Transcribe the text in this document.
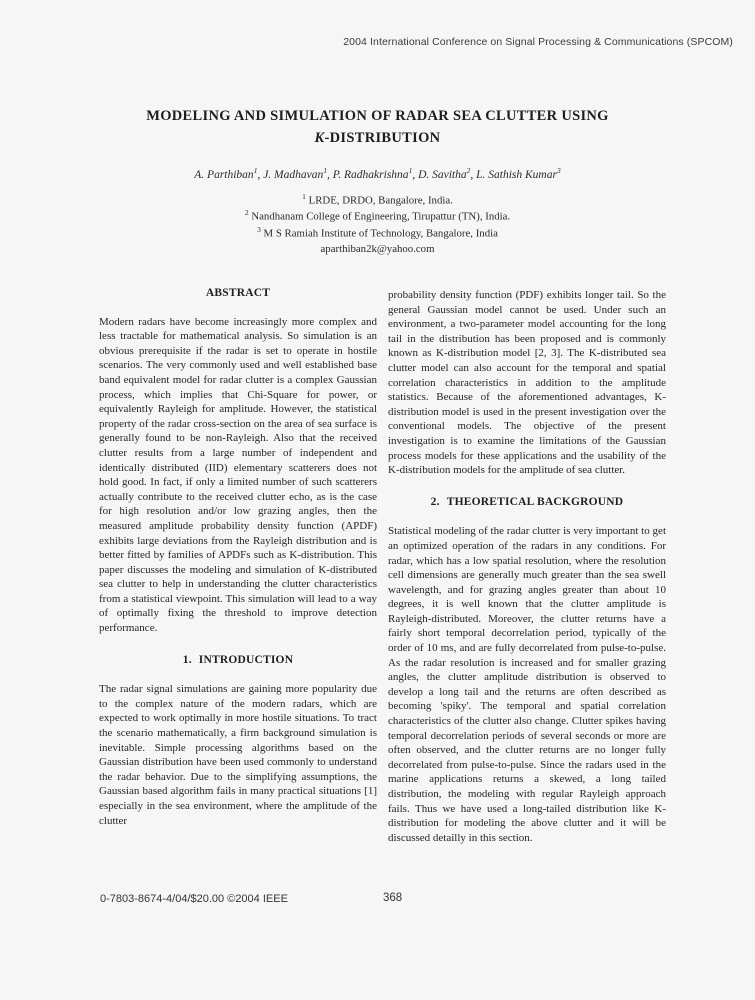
2004 International Conference on Signal Processing & Communications (SPCOM)
MODELING AND SIMULATION OF RADAR SEA CLUTTER USING
K-DISTRIBUTION
A. Parthiban$^1$, J. Madhavan$^1$, P. Radhakrishna$^1$, D. Savitha$^2$, L. Sathish Kumar$^3$
$^1$ LRDE, DRDO, Bangalore, India.
$^2$ Nandhanam College of Engineering, Tirupattur (TN), India.
$^3$ M S Ramiah Institute of Technology, Bangalore, India
aparthiban2k@yahoo.com
ABSTRACT

Modern radars have become increasingly more complex and less tractable for mathematical analysis. So simulation is an obvious prerequisite if the radar is set to operate in hostile scenarios. The very commonly used and well established base band equivalent model for radar clutter is a complex Gaussian process, which implies that Chi-Square for power, or equivalently Rayleigh for amplitude. However, the statistical property of the radar cross-section on the area of sea surface is generally found to be non-Rayleigh. Also that the received clutter results from a large number of independent and identically distributed (IID) elementary scatterers does not hold good. In fact, if only a limited number of such scatterers actually contribute to the received clutter echo, as is the case for high resolution and/or low grazing angles, then the measured amplitude probability density function (APDF) exhibits large deviations from the Rayleigh distribution and is better fitted by families of APDFs such as K-distribution. This paper discusses the modeling and simulation of K-distributed sea clutter to help in understanding the clutter characteristics from a statistical viewpoint. This simulation will lead to a way of optimally fixing the threshold to improve detection performance.

1. INTRODUCTION

The radar signal simulations are gaining more popularity due to the complex nature of the modern radars, which are expected to work optimally in more hostile situations. To tract the scenario mathematically, a firm background simulation is inevitable. Simple processing algorithms based on the Gaussian distribution have been used commonly to understand the radar behavior. Due to the simplifying assumptions, the Gaussian based algorithm fails in many practical situations [1] especially in the sea environment, where the amplitude of the clutter

probability density function (PDF) exhibits longer tail. So the general Gaussian model cannot be used. Under such an environment, a two-parameter model accounting for the long tail in the distribution has been proposed and is commonly known as K-distribution model [2, 3]. The K-distributed sea clutter model can also account for the temporal and spatial correlation characteristics in addition to the amplitude statistics. Because of the aforementioned advantages, K-distribution model is used in the present investigation over the conventional models. The objective of the present investigation is to examine the limitations of the Gaussian process models for these applications and the usability of the K-distribution models for the amplitude of sea clutter.

2. THEORETICAL BACKGROUND

Statistical modeling of the radar clutter is very important to get an optimized operation of the radars in any conditions. For radar, which has a low spatial resolution, where the resolution cell dimensions are generally much greater than the sea swell wavelength, and for grazing angles greater than about 10 degrees, it is well known that the clutter amplitude is Rayleigh-distributed. Moreover, the clutter returns have a fairly short temporal decorrelation period, typically of the order of 10 ms, and are fully decorrelated from pulse-to-pulse. As the radar resolution is increased and for smaller grazing angles, the clutter amplitude distribution is observed to develop a long tail and the returns are often described as becoming 'spiky'. The temporal and spatial correlation characteristics of the clutter also change. Clutter spikes having temporal decorrelation periods of several seconds or more are often observed, and the clutter returns are no longer fully decorrelated from pulse-to-pulse. Since the radars used in the marine applications returns a skewed, a long tailed distribution, the modeling with regular Rayleigh approach fails. Thus we have used a long-tailed distribution like K-distribution for modeling the above clutter and it will be discussed detailly in this section.

0-7803-8674-4/04/$20.00 ©2004 IEEE	368
